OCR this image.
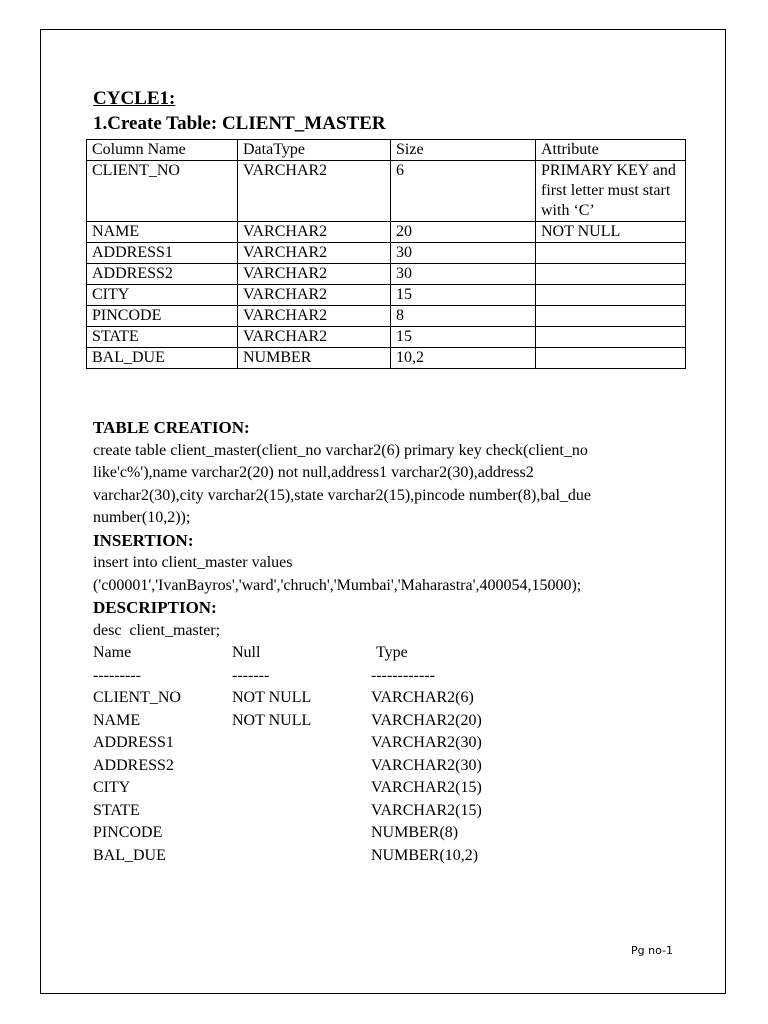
CYCLE1:

1.Create Table: CLIENT_MASTER

Column Name	DataType	Size	Attribute
CLIENT_NO	VARCHAR2	6	PRIMARY KEY and first letter must start with ‘C’
NAME	VARCHAR2	20	NOT NULL
ADDRESS1	VARCHAR2	30	
ADDRESS2	VARCHAR2	30	
CITY	VARCHAR2	15	
PINCODE	VARCHAR2	8	
STATE	VARCHAR2	15	
BAL_DUE	NUMBER	10,2	
TABLE CREATION:
create table client_master(client_no varchar2(6) primary key check(client_no
like'c%'),name varchar2(20) not null,address1 varchar2(30),address2
varchar2(30),city varchar2(15),state varchar2(15),pincode number(8),bal_due
number(10,2));
INSERTION:
insert into client_master values
('c00001','IvanBayros','ward','chruch','Mumbai','Maharastra',400054,15000);
DESCRIPTION:
desc  client_master;
Name	Null	Type
---------	-------	------------
CLIENT_NO	NOT NULL	VARCHAR2(6)
NAME	NOT NULL	VARCHAR2(20)
ADDRESS1		VARCHAR2(30)
ADDRESS2		VARCHAR2(30)
CITY		VARCHAR2(15)
STATE		VARCHAR2(15)
PINCODE		NUMBER(8)
BAL_DUE		NUMBER(10,2)
Pg no-1
